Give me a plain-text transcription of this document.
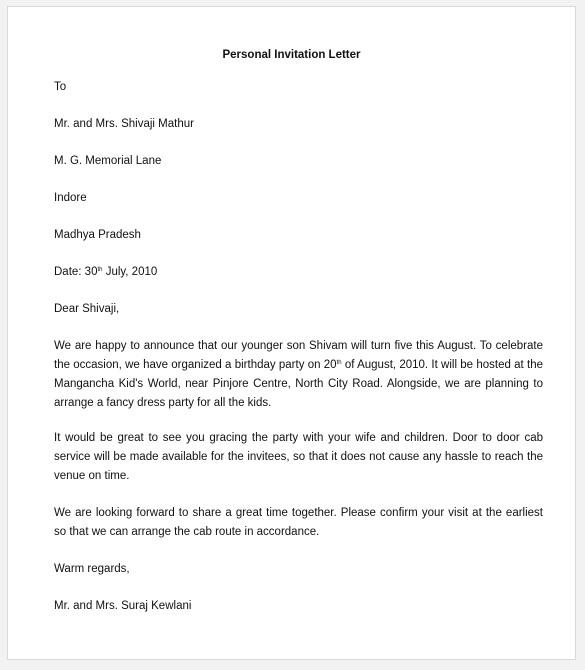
Personal Invitation Letter
To
Mr. and Mrs. Shivaji Mathur
M. G. Memorial Lane
Indore
Madhya Pradesh
Date: 30th July, 2010
Dear Shivaji,
We are happy to announce that our younger son Shivam will turn five this August. To celebrate the occasion, we have organized a birthday party on 20th of August, 2010. It will be hosted at the Mangancha Kid's World, near Pinjore Centre, North City Road. Alongside, we are planning to arrange a fancy dress party for all the kids.
It would be great to see you gracing the party with your wife and children. Door to door cab service will be made available for the invitees, so that it does not cause any hassle to reach the venue on time.
We are looking forward to share a great time together. Please confirm your visit at the earliest so that we can arrange the cab route in accordance.
Warm regards,
Mr. and Mrs. Suraj Kewlani
